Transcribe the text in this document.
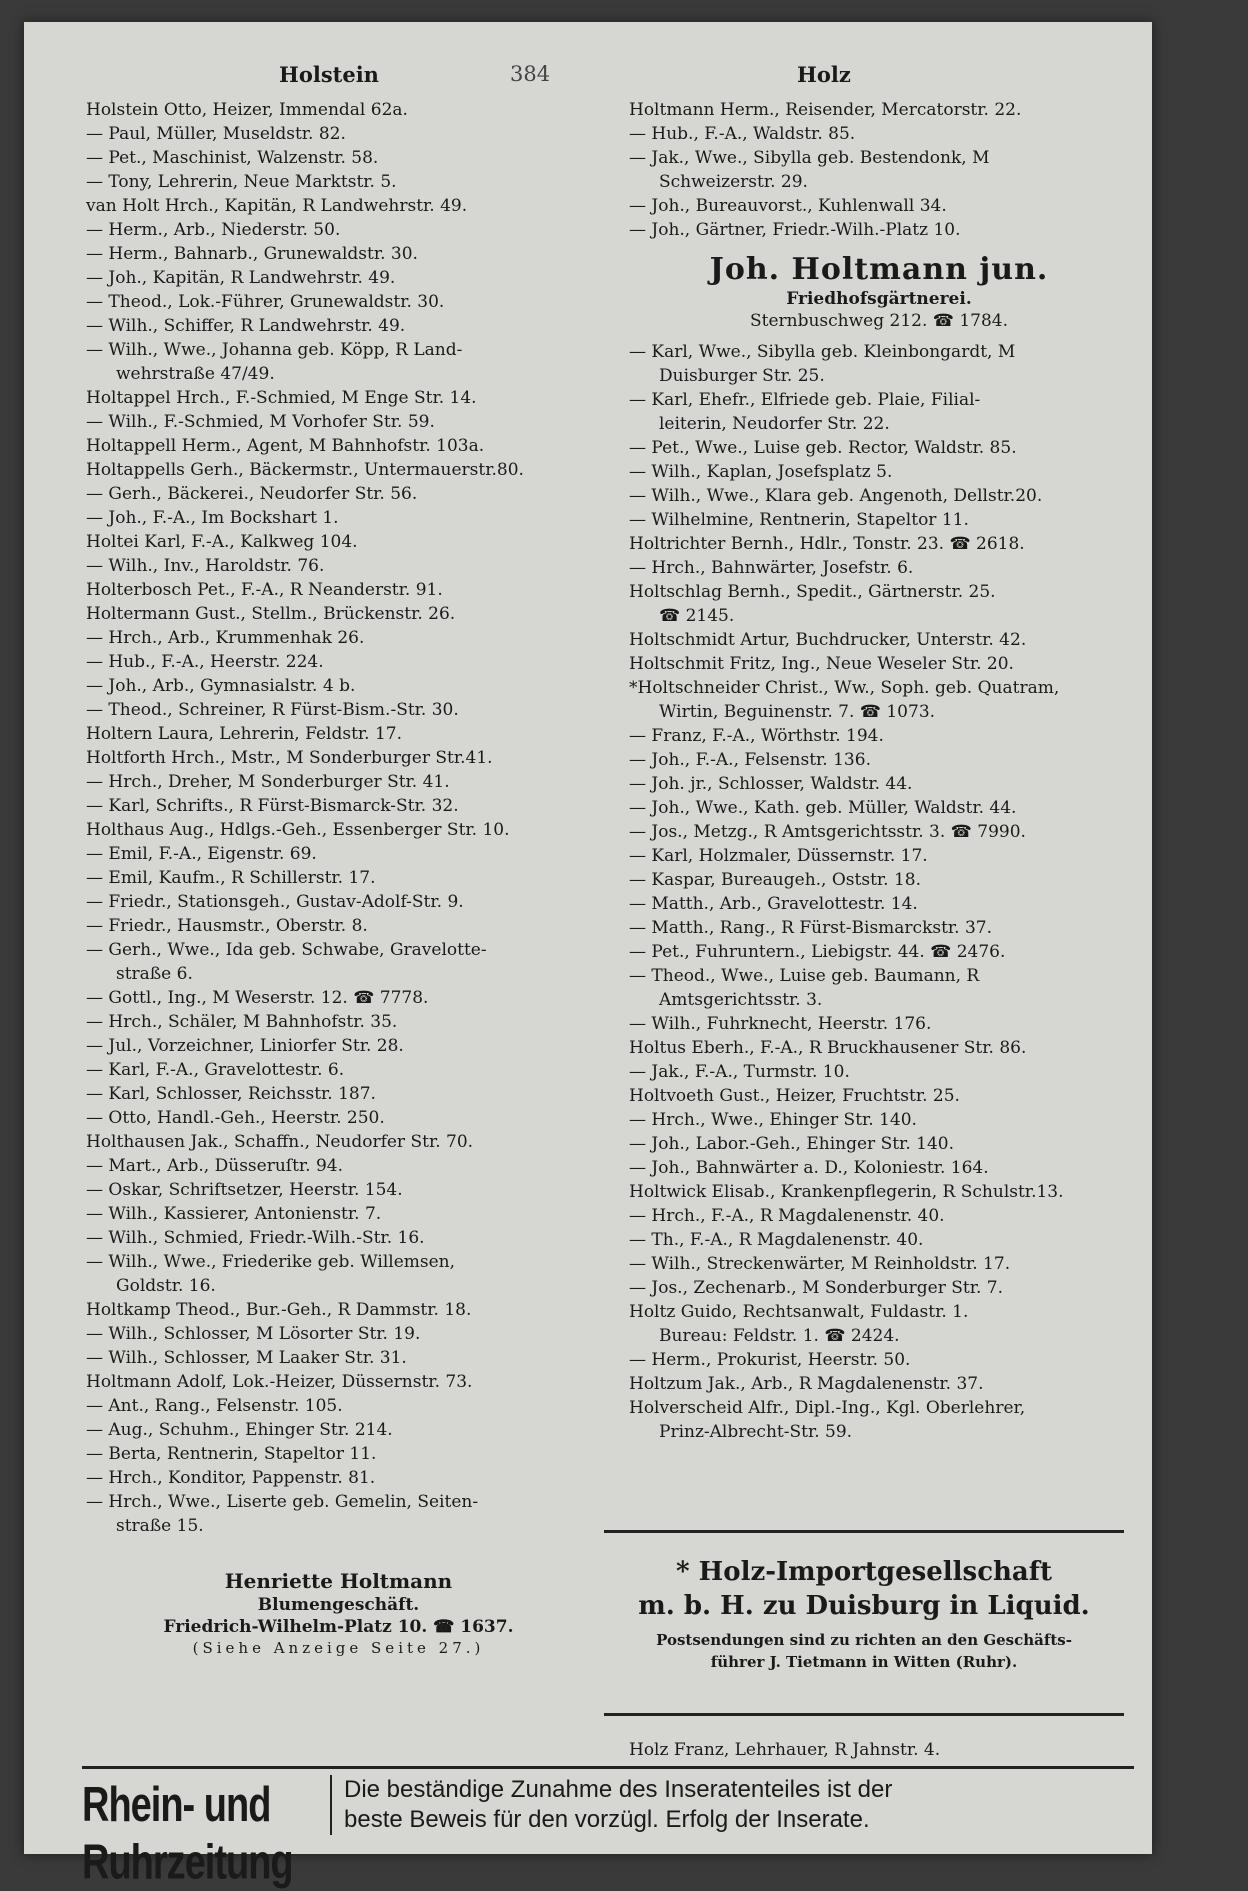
Holstein	384	Holz
Holstein Otto, Heizer, Immendal 62a.
— Paul, Müller, Museldstr. 82.
— Pet., Maschinist, Walzenstr. 58.
— Tony, Lehrerin, Neue Marktstr. 5.
van Holt Hrch., Kapitän, R Landwehrstr. 49.
— Herm., Arb., Niederstr. 50.
— Herm., Bahnarb., Grunewaldstr. 30.
— Joh., Kapitän, R Landwehrstr. 49.
— Theod., Lok.-Führer, Grunewaldstr. 30.
— Wilh., Schiffer, R Landwehrstr. 49.
— Wilh., Wwe., Johanna geb. Köpp, R Land-
wehrstraße 47/49.
Holtappel Hrch., F.-Schmied, M Enge Str. 14.
— Wilh., F.-Schmied, M Vorhofer Str. 59.
Holtappell Herm., Agent, M Bahnhofstr. 103a.
Holtappells Gerh., Bäckermstr., Untermauerstr.80.
— Gerh., Bäckerei., Neudorfer Str. 56.
— Joh., F.-A., Im Bockshart 1.
Holtei Karl, F.-A., Kalkweg 104.
— Wilh., Inv., Haroldstr. 76.
Holterbosch Pet., F.-A., R Neanderstr. 91.
Holtermann Gust., Stellm., Brückenstr. 26.
— Hrch., Arb., Krummenhak 26.
— Hub., F.-A., Heerstr. 224.
— Joh., Arb., Gymnasialstr. 4 b.
— Theod., Schreiner, R Fürst-Bism.-Str. 30.
Holtern Laura, Lehrerin, Feldstr. 17.
Holtforth Hrch., Mstr., M Sonderburger Str.41.
— Hrch., Dreher, M Sonderburger Str. 41.
— Karl, Schrifts., R Fürst-Bismarck-Str. 32.
Holthaus Aug., Hdlgs.-Geh., Essenberger Str. 10.
— Emil, F.-A., Eigenstr. 69.
— Emil, Kaufm., R Schillerstr. 17.
— Friedr., Stationsgeh., Gustav-Adolf-Str. 9.
— Friedr., Hausmstr., Oberstr. 8.
— Gerh., Wwe., Ida geb. Schwabe, Gravelotte-
straße 6.
— Gottl., Ing., M Weserstr. 12. ☎ 7778.
— Hrch., Schäler, M Bahnhofstr. 35.
— Jul., Vorzeichner, Liniorfer Str. 28.
— Karl, F.-A., Gravelottestr. 6.
— Karl, Schlosser, Reichsstr. 187.
— Otto, Handl.-Geh., Heerstr. 250.
Holthausen Jak., Schaffn., Neudorfer Str. 70.
— Mart., Arb., Düsseruſtr. 94.
— Oskar, Schriftsetzer, Heerstr. 154.
— Wilh., Kassierer, Antonienstr. 7.
— Wilh., Schmied, Friedr.-Wilh.-Str. 16.
— Wilh., Wwe., Friederike geb. Willemsen,
Goldstr. 16.
Holtkamp Theod., Bur.-Geh., R Dammstr. 18.
— Wilh., Schlosser, M Lösorter Str. 19.
— Wilh., Schlosser, M Laaker Str. 31.
Holtmann Adolf, Lok.-Heizer, Düssernstr. 73.
— Ant., Rang., Felsenstr. 105.
— Aug., Schuhm., Ehinger Str. 214.
— Berta, Rentnerin, Stapeltor 11.
— Hrch., Konditor, Pappenstr. 81.
— Hrch., Wwe., Liserte geb. Gemelin, Seiten-
straße 15.
Henriette Holtmann
Blumengeschäft.
Friedrich-Wilhelm-Platz 10. ☎ 1637.
(Siehe Anzeige Seite 27.)
Holtmann Herm., Reisender, Mercatorstr. 22.
— Hub., F.-A., Waldstr. 85.
— Jak., Wwe., Sibylla geb. Bestendonk, M
Schweizerstr. 29.
— Joh., Bureauvorst., Kuhlenwall 34.
— Joh., Gärtner, Friedr.-Wilh.-Platz 10.
Joh. Holtmann jun.
Friedhofsgärtnerei.
Sternbuschweg 212. ☎ 1784.
— Karl, Wwe., Sibylla geb. Kleinbongardt, M
Duisburger Str. 25.
— Karl, Ehefr., Elfriede geb. Plaie, Filial-
leiterin, Neudorfer Str. 22.
— Pet., Wwe., Luise geb. Rector, Waldstr. 85.
— Wilh., Kaplan, Josefsplatz 5.
— Wilh., Wwe., Klara geb. Angenoth, Dellstr.20.
— Wilhelmine, Rentnerin, Stapeltor 11.
Holtrichter Bernh., Hdlr., Tonstr. 23. ☎ 2618.
— Hrch., Bahnwärter, Josefstr. 6.
Holtschlag Bernh., Spedit., Gärtnerstr. 25.
☎ 2145.
Holtschmidt Artur, Buchdrucker, Unterstr. 42.
Holtschmit Fritz, Ing., Neue Weseler Str. 20.
*Holtschneider Christ., Ww., Soph. geb. Quatram,
Wirtin, Beguinenstr. 7. ☎ 1073.
— Franz, F.-A., Wörthstr. 194.
— Joh., F.-A., Felsenstr. 136.
— Joh. jr., Schlosser, Waldstr. 44.
— Joh., Wwe., Kath. geb. Müller, Waldstr. 44.
— Jos., Metzg., R Amtsgerichtsstr. 3. ☎ 7990.
— Karl, Holzmaler, Düssernstr. 17.
— Kaspar, Bureaugeh., Oststr. 18.
— Matth., Arb., Gravelottestr. 14.
— Matth., Rang., R Fürst-Bismarckstr. 37.
— Pet., Fuhruntern., Liebigstr. 44. ☎ 2476.
— Theod., Wwe., Luise geb. Baumann, R
Amtsgerichtsstr. 3.
— Wilh., Fuhrknecht, Heerstr. 176.
Holtus Eberh., F.-A., R Bruckhausener Str. 86.
— Jak., F.-A., Turmstr. 10.
Holtvoeth Gust., Heizer, Fruchtstr. 25.
— Hrch., Wwe., Ehinger Str. 140.
— Joh., Labor.-Geh., Ehinger Str. 140.
— Joh., Bahnwärter a. D., Koloniestr. 164.
Holtwick Elisab., Krankenpflegerin, R Schulstr.13.
— Hrch., F.-A., R Magdalenenstr. 40.
— Th., F.-A., R Magdalenenstr. 40.
— Wilh., Streckenwärter, M Reinholdstr. 17.
— Jos., Zechenarb., M Sonderburger Str. 7.
Holtz Guido, Rechtsanwalt, Fuldastr. 1.
Bureau: Feldstr. 1. ☎ 2424.
— Herm., Prokurist, Heerstr. 50.
Holtzum Jak., Arb., R Magdalenenstr. 37.
Holverscheid Alfr., Dipl.-Ing., Kgl. Oberlehrer,
Prinz-Albrecht-Str. 59.
* Holz-Importgesellschaft
m. b. H. zu Duisburg in Liquid.
Postsendungen sind zu richten an den Geschäfts-
führer J. Tietmann in Witten (Ruhr).
Holz Franz, Lehrhauer, R Jahnstr. 4.
Rhein- und Ruhrzeitung
Die beständige Zunahme des Inseratenteiles ist der
beste Beweis für den vorzügl. Erfolg der Inserate.
